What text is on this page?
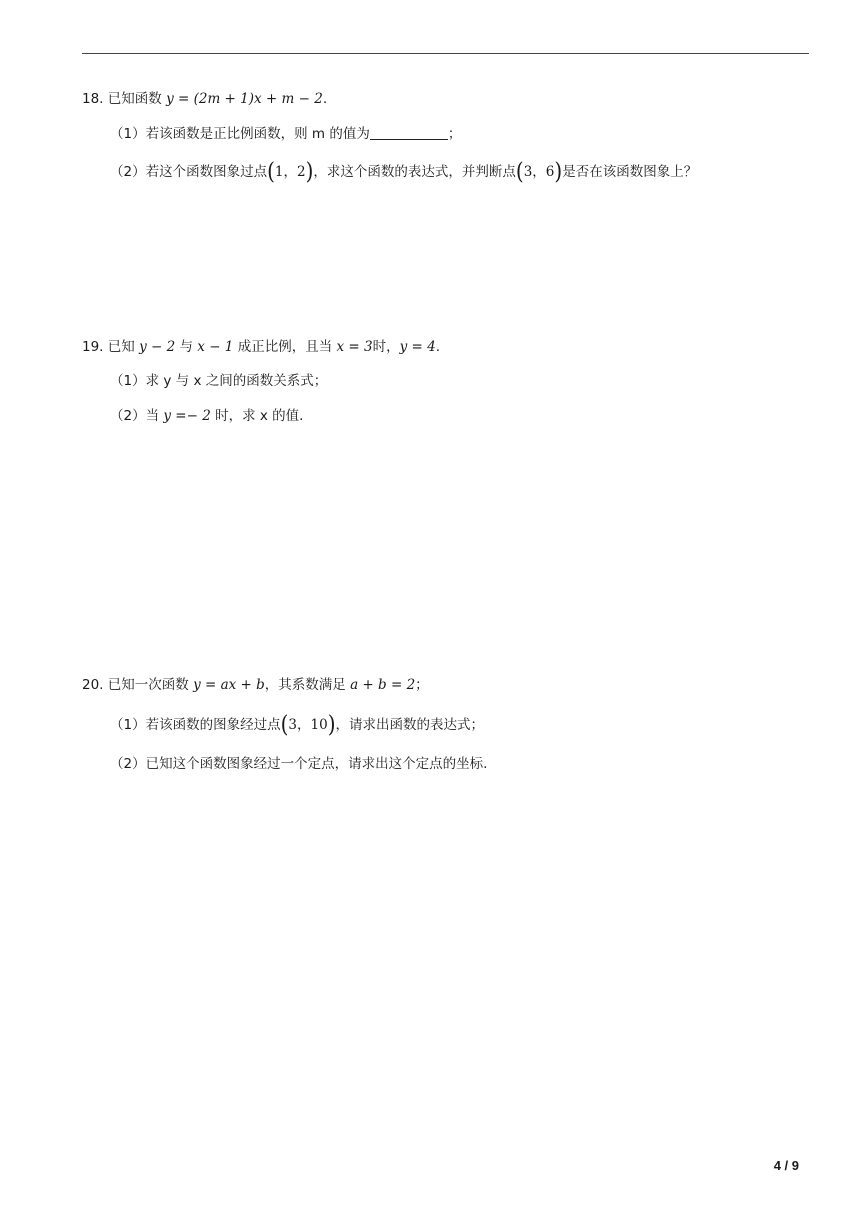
18. 已知函数 y = (2m + 1)x + m − 2.
（1）若该函数是正比例函数，则 m 的值为	；
（2）若这个函数图象过点(1，2)，求这个函数的表达式，并判断点(3，6)是否在该函数图象上？
19. 已知 y − 2 与 x − 1 成正比例，且当 x = 3时，y = 4.
（1）求 y 与 x 之间的函数关系式；
（2）当 y =− 2 时，求 x 的值.
20. 已知一次函数 y = ax + b，其系数满足 a + b = 2；
（1）若该函数的图象经过点(3，10)，请求出函数的表达式；
（2）已知这个函数图象经过一个定点，请求出这个定点的坐标.
4 / 9
